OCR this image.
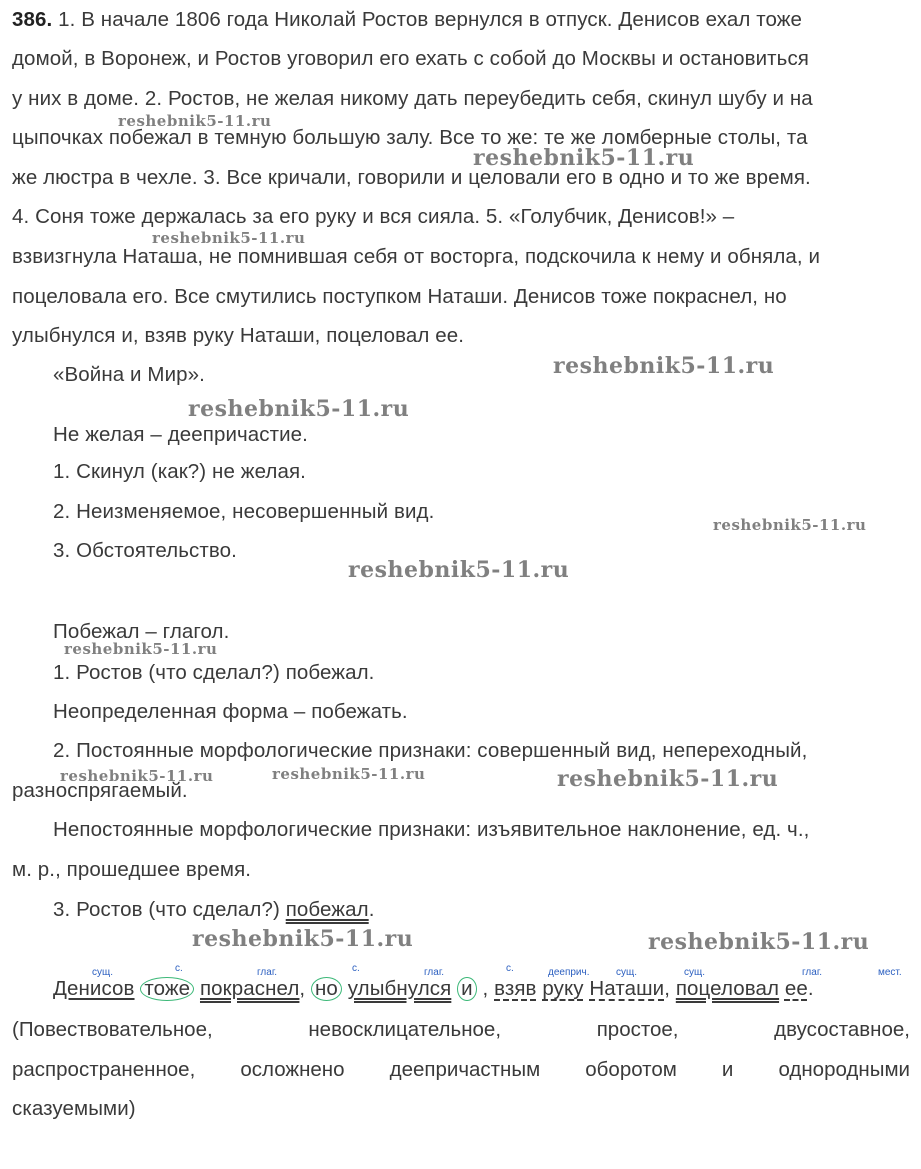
386. 1. В начале 1806 года Николай Ростов вернулся в отпуск. Денисов ехал тоже
домой, в Воронеж, и Ростов уговорил его ехать с собой до Москвы и остановиться
у них в доме. 2. Ростов, не желая никому дать переубедить себя, скинул шубу и на
цыпочках побежал в темную большую залу. Все то же: те же ломберные столы, та
же люстра в чехле. 3. Все кричали, говорили и целовали его в одно и то же время.
4. Соня тоже держалась за его руку и вся сияла. 5. «Голубчик, Денисов!» –
взвизгнула Наташа, не помнившая себя от восторга, подскочила к нему и обняла, и
поцеловала его. Все смутились поступком Наташи. Денисов тоже покраснел, но
улыбнулся и, взяв руку Наташи, поцеловал ее.
«Война и Мир».
Не желая – деепричастие.
1. Скинул (как?) не желая.
2. Неизменяемое, несовершенный вид.
3. Обстоятельство.
Побежал – глагол.
1. Ростов (что сделал?) побежал.
Неопределенная форма – побежать.
2. Постоянные морфологические признаки: совершенный вид, непереходный,
разноспрягаемый.
Непостоянные морфологические признаки: изъявительное наклонение, ед. ч.,
м. р., прошедшее время.
3. Ростов (что сделал?) побежал.
сущ.	с.	глаг.	с.	глаг.	с.	дееприч.	сущ.	сущ.	глаг.	мест.
Денисов тоже покраснел, но улыбнулся и , взяв руку Наташи, поцеловал ее.
(Повествовательное, невосклицательное, простое, двусоставное,
распространенное, осложнено деепричастным оборотом и однородными
сказуемыми)
reshebnik5-11.ru
reshebnik5-11.ru
reshebnik5-11.ru
reshebnik5-11.ru
reshebnik5-11.ru
reshebnik5-11.ru
reshebnik5-11.ru
reshebnik5-11.ru
reshebnik5-11.ru	reshebnik5-11.ru	reshebnik5-11.ru
reshebnik5-11.ru	reshebnik5-11.ru
